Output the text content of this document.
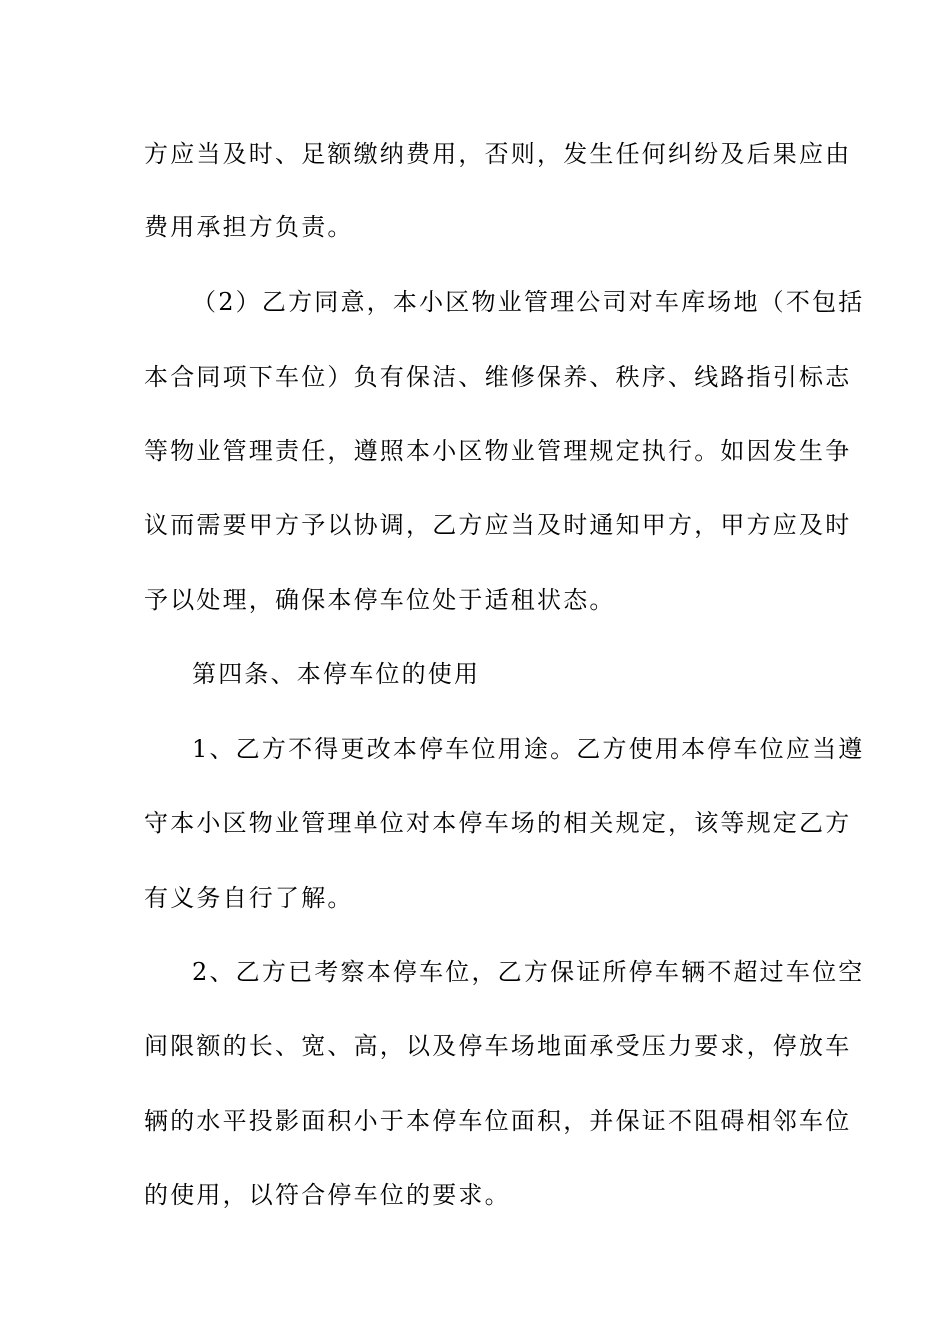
方应当及时、足额缴纳费用，否则，发生任何纠纷及后果应由
费用承担方负责。
（2）乙方同意，本小区物业管理公司对车库场地（不包括
本合同项下车位）负有保洁、维修保养、秩序、线路指引标志
等物业管理责任，遵照本小区物业管理规定执行。如因发生争
议而需要甲方予以协调，乙方应当及时通知甲方，甲方应及时
予以处理，确保本停车位处于适租状态。
第四条、本停车位的使用
1、乙方不得更改本停车位用途。乙方使用本停车位应当遵
守本小区物业管理单位对本停车场的相关规定，该等规定乙方
有义务自行了解。
2、乙方已考察本停车位，乙方保证所停车辆不超过车位空
间限额的长、宽、高，以及停车场地面承受压力要求，停放车
辆的水平投影面积小于本停车位面积，并保证不阻碍相邻车位
的使用，以符合停车位的要求。
